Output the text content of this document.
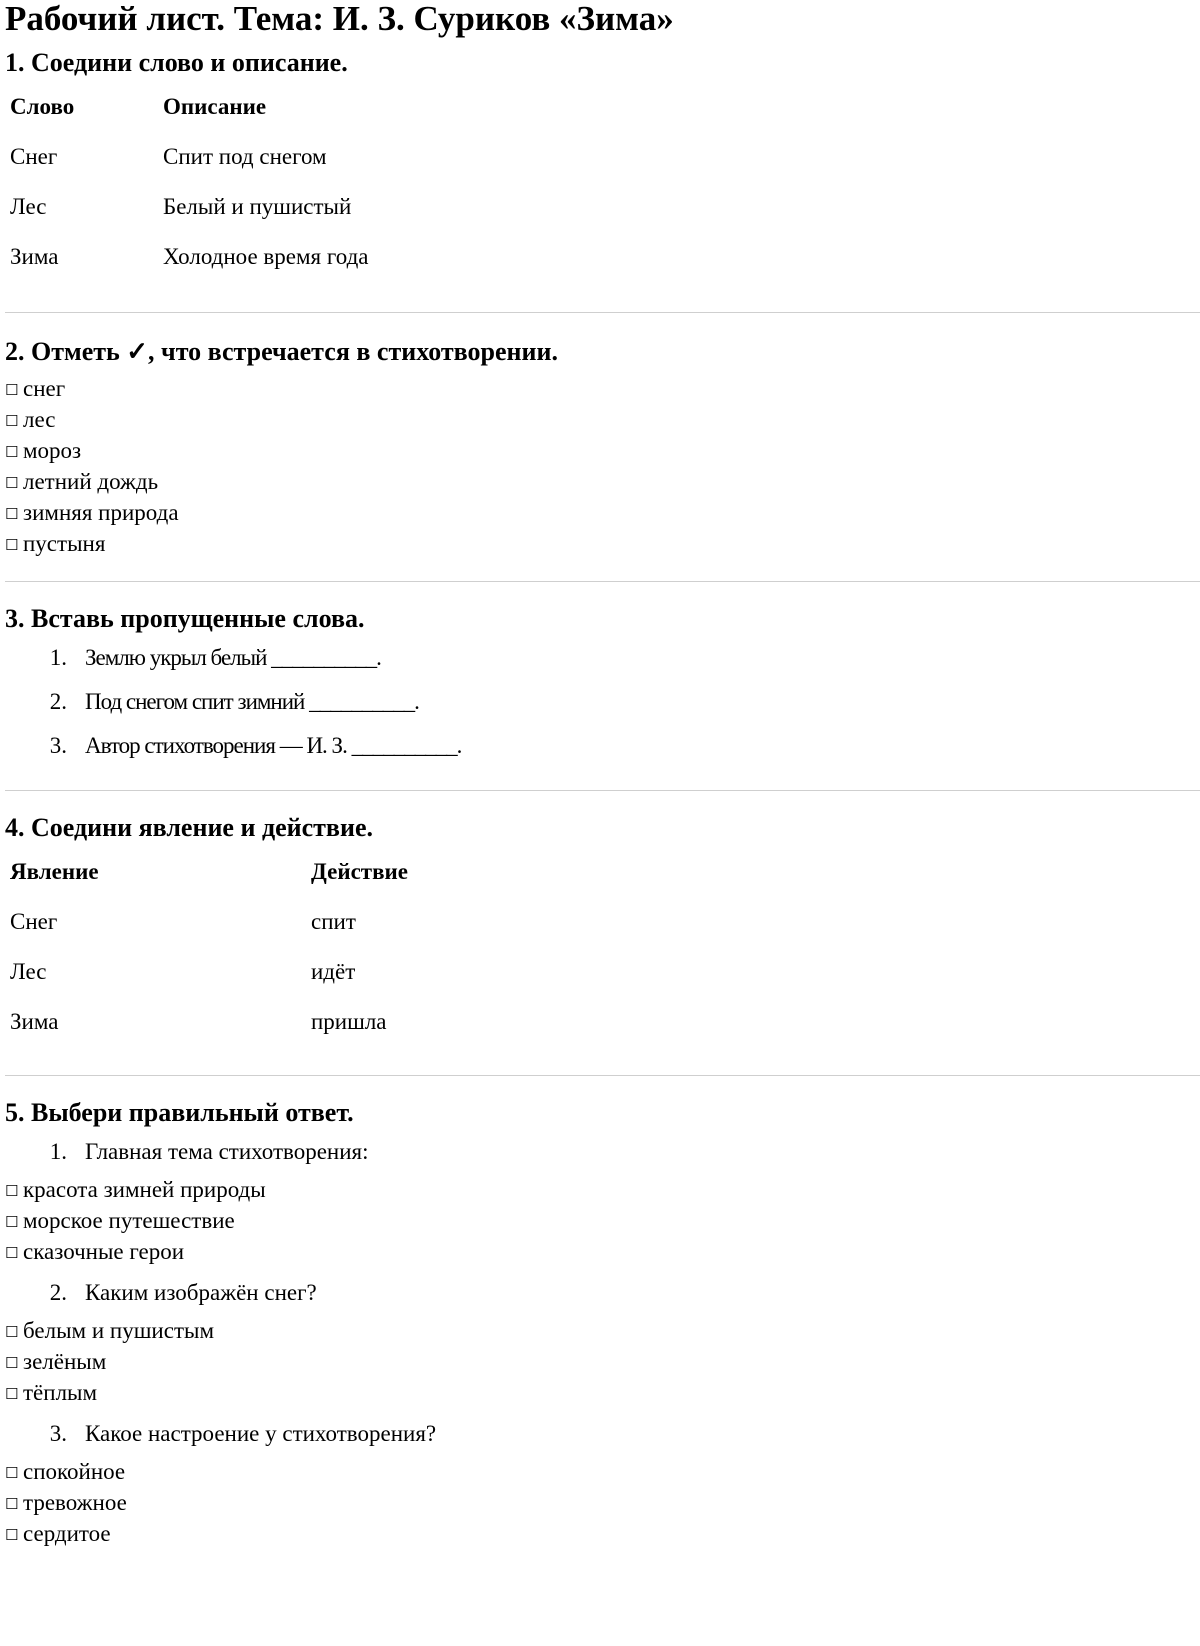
Рабочий лист. Тема: И. З. Суриков «Зима»
1. Соедини слово и описание.
Слово	Описание
Снег	Спит под снегом
Лес	Белый и пушистый
Зима	Холодное время года
2. Отметь ✓, что встречается в стихотворении.
☐ снег
☐ лес
☐ мороз
☐ летний дождь
☐ зимняя природа
☐ пустыня
3. Вставь пропущенные слова.
1. Землю укрыл белый __________.
2. Под снегом спит зимний __________.
3. Автор стихотворения — И. З. __________.
4. Соедини явление и действие.
Явление	Действие
Снег	спит
Лес	идёт
Зима	пришла
5. Выбери правильный ответ.
1. Главная тема стихотворения:
☐ красота зимней природы
☐ морское путешествие
☐ сказочные герои
2. Каким изображён снег?
☐ белым и пушистым
☐ зелёным
☐ тёплым
3. Какое настроение у стихотворения?
☐ спокойное
☐ тревожное
☐ сердитое
